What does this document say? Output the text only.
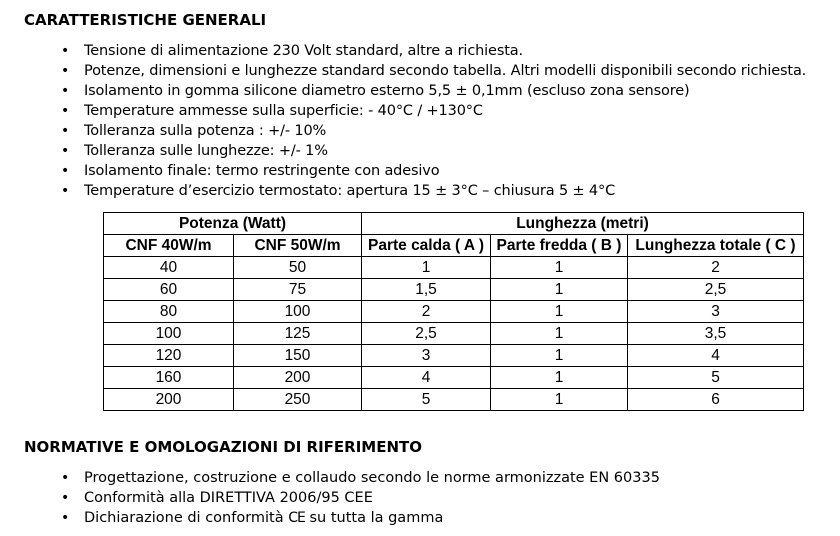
CARATTERISTICHE GENERALI
• Tensione di alimentazione 230 Volt standard, altre a richiesta.
• Potenze, dimensioni e lunghezze standard secondo tabella. Altri modelli disponibili secondo richiesta.
• Isolamento in gomma silicone diametro esterno 5,5 ± 0,1mm (escluso zona sensore)
• Temperature ammesse sulla superficie: - 40°C / +130°C
• Tolleranza sulla potenza : +/- 10%
• Tolleranza sulle lunghezze: +/- 1%
• Isolamento finale: termo restringente con adesivo
• Temperature d’esercizio termostato: apertura 15 ± 3°C – chiusura 5 ± 4°C
Potenza (Watt)		Lunghezza (metri)		
CNF 40W/m	CNF 50W/m	Parte calda ( A )	Parte fredda ( B )	Lunghezza totale ( C )
40	50	1	1	2
60	75	1,5	1	2,5
80	100	2	1	3
100	125	2,5	1	3,5
120	150	3	1	4
160	200	4	1	5
200	250	5	1	6
NORMATIVE E OMOLOGAZIONI DI RIFERIMENTO
• Progettazione, costruzione e collaudo secondo le norme armonizzate EN 60335
• Conformità alla DIRETTIVA 2006/95 CEE
• Dichiarazione di conformità CE su tutta la gamma
